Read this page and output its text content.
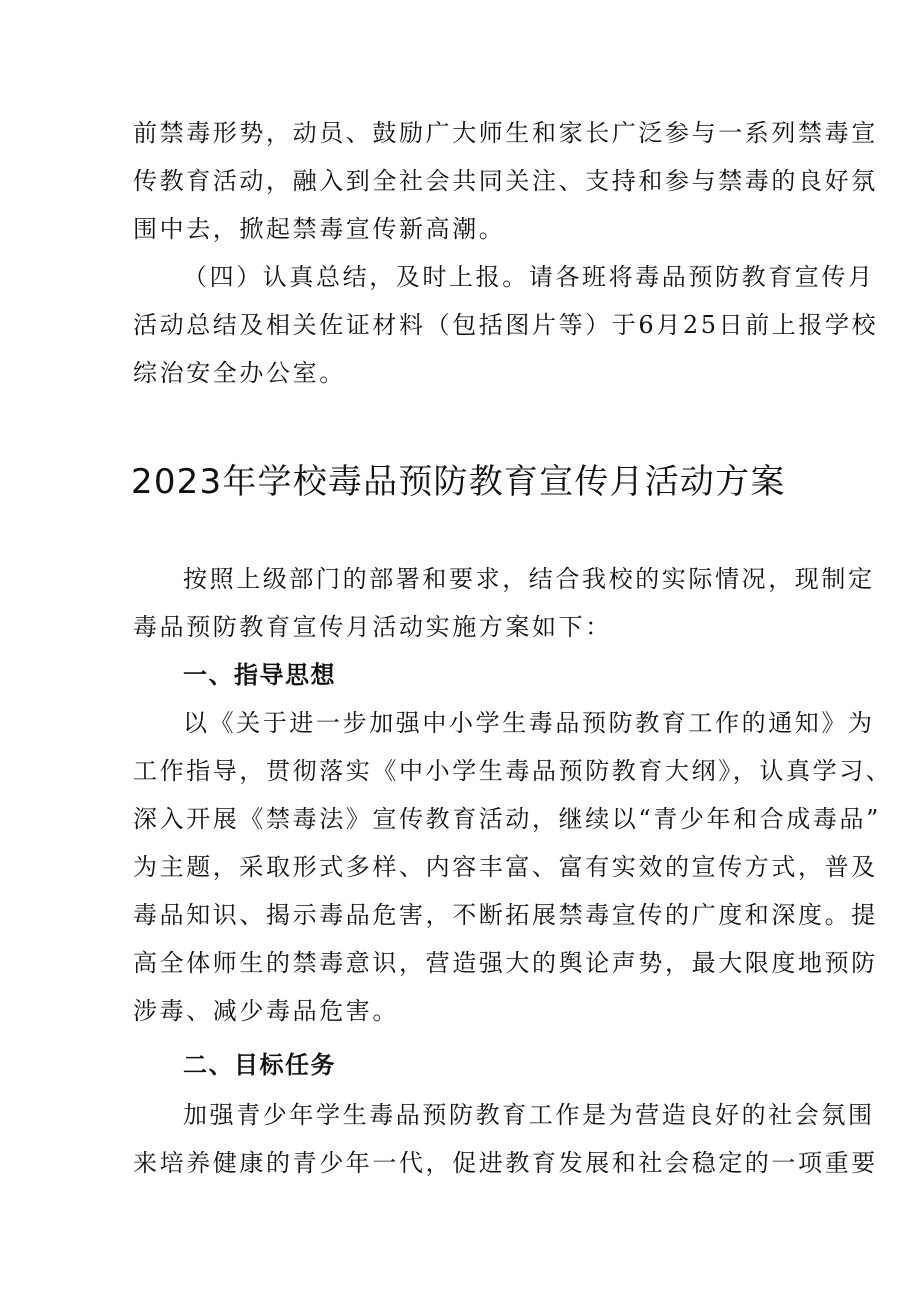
前禁毒形势，动员、鼓励广大师生和家长广泛参与一系列禁毒宣

传教育活动，融入到全社会共同关注、支持和参与禁毒的良好氛

围中去，掀起禁毒宣传新高潮。

（四）认真总结，及时上报。请各班将毒品预防教育宣传月

活动总结及相关佐证材料（包括图片等）于6月25日前上报学校

综治安全办公室。

2023年学校毒品预防教育宣传月活动方案

按照上级部门的部署和要求，结合我校的实际情况，现制定

毒品预防教育宣传月活动实施方案如下：

一、指导思想

以《关于进一步加强中小学生毒品预防教育工作的通知》为

工作指导，贯彻落实《中小学生毒品预防教育大纲》，认真学习、

深入开展《禁毒法》宣传教育活动，继续以“青少年和合成毒品”

为主题，采取形式多样、内容丰富、富有实效的宣传方式，普及

毒品知识、揭示毒品危害，不断拓展禁毒宣传的广度和深度。提

高全体师生的禁毒意识，营造强大的舆论声势，最大限度地预防

涉毒、减少毒品危害。

二、目标任务

加强青少年学生毒品预防教育工作是为营造良好的社会氛围

来培养健康的青少年一代，促进教育发展和社会稳定的一项重要
